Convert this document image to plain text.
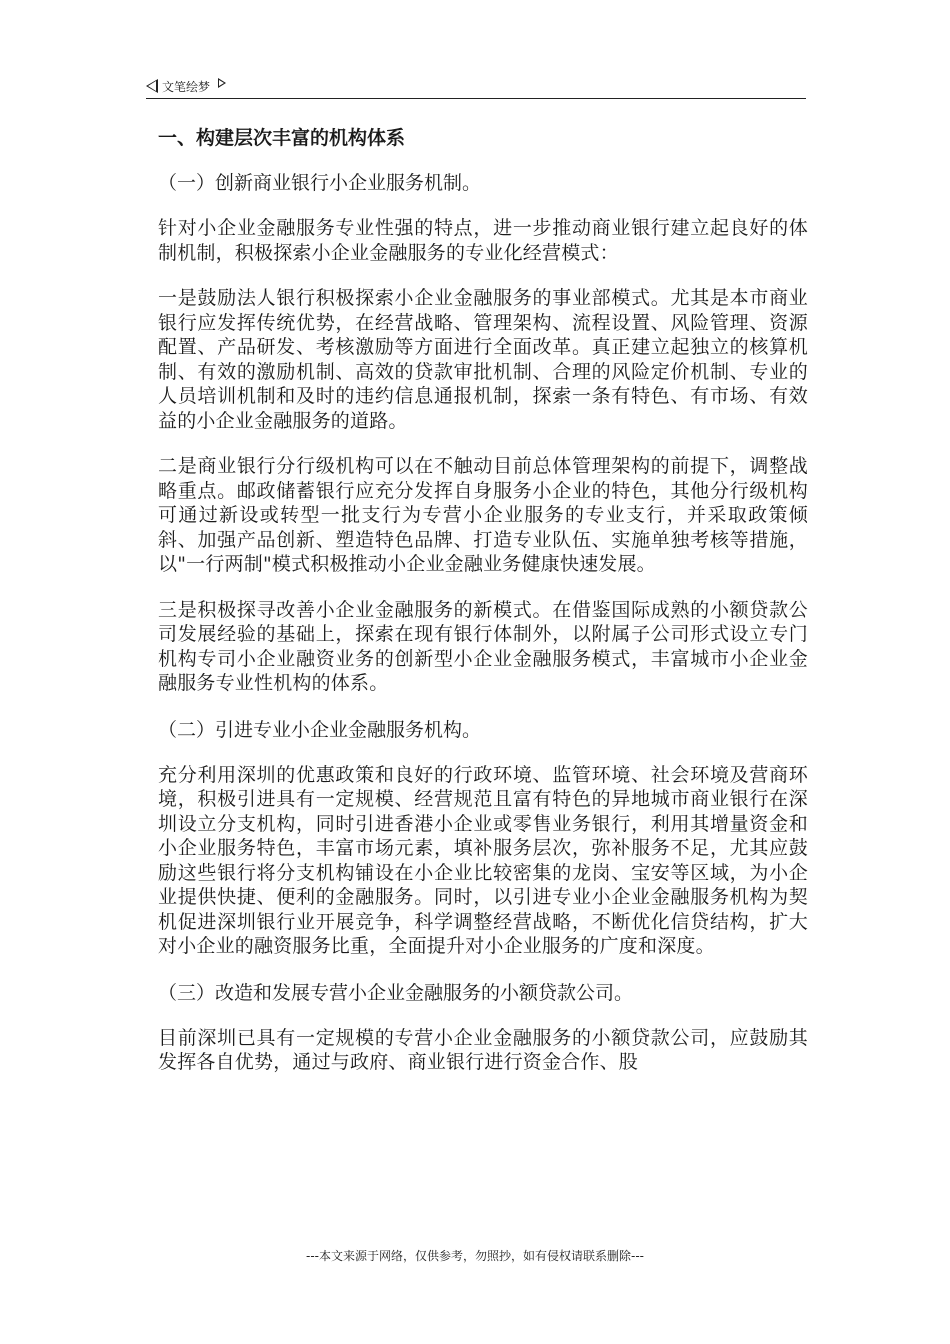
文笔绘梦
一、构建层次丰富的机构体系
（一）创新商业银行小企业服务机制。
针对小企业金融服务专业性强的特点，进一步推动商业银行建立起良好的体制机制，积极探索小企业金融服务的专业化经营模式：
一是鼓励法人银行积极探索小企业金融服务的事业部模式。尤其是本市商业银行应发挥传统优势，在经营战略、管理架构、流程设置、风险管理、资源配置、产品研发、考核激励等方面进行全面改革。真正建立起独立的核算机制、有效的激励机制、高效的贷款审批机制、合理的风险定价机制、专业的人员培训机制和及时的违约信息通报机制，探索一条有特色、有市场、有效益的小企业金融服务的道路。
二是商业银行分行级机构可以在不触动目前总体管理架构的前提下，调整战略重点。邮政储蓄银行应充分发挥自身服务小企业的特色，其他分行级机构可通过新设或转型一批支行为专营小企业服务的专业支行，并采取政策倾斜、加强产品创新、塑造特色品牌、打造专业队伍、实施单独考核等措施，以"一行两制"模式积极推动小企业金融业务健康快速发展。
三是积极探寻改善小企业金融服务的新模式。在借鉴国际成熟的小额贷款公司发展经验的基础上，探索在现有银行体制外，以附属子公司形式设立专门机构专司小企业融资业务的创新型小企业金融服务模式，丰富城市小企业金融服务专业性机构的体系。
（二）引进专业小企业金融服务机构。
充分利用深圳的优惠政策和良好的行政环境、监管环境、社会环境及营商环境，积极引进具有一定规模、经营规范且富有特色的异地城市商业银行在深圳设立分支机构，同时引进香港小企业或零售业务银行，利用其增量资金和小企业服务特色，丰富市场元素，填补服务层次，弥补服务不足，尤其应鼓励这些银行将分支机构铺设在小企业比较密集的龙岗、宝安等区域，为小企业提供快捷、便利的金融服务。同时，以引进专业小企业金融服务机构为契机促进深圳银行业开展竞争，科学调整经营战略，不断优化信贷结构，扩大对小企业的融资服务比重，全面提升对小企业服务的广度和深度。
（三）改造和发展专营小企业金融服务的小额贷款公司。
目前深圳已具有一定规模的专营小企业金融服务的小额贷款公司，应鼓励其发挥各自优势，通过与政府、商业银行进行资金合作、股
---本文来源于网络，仅供参考，勿照抄，如有侵权请联系删除---
